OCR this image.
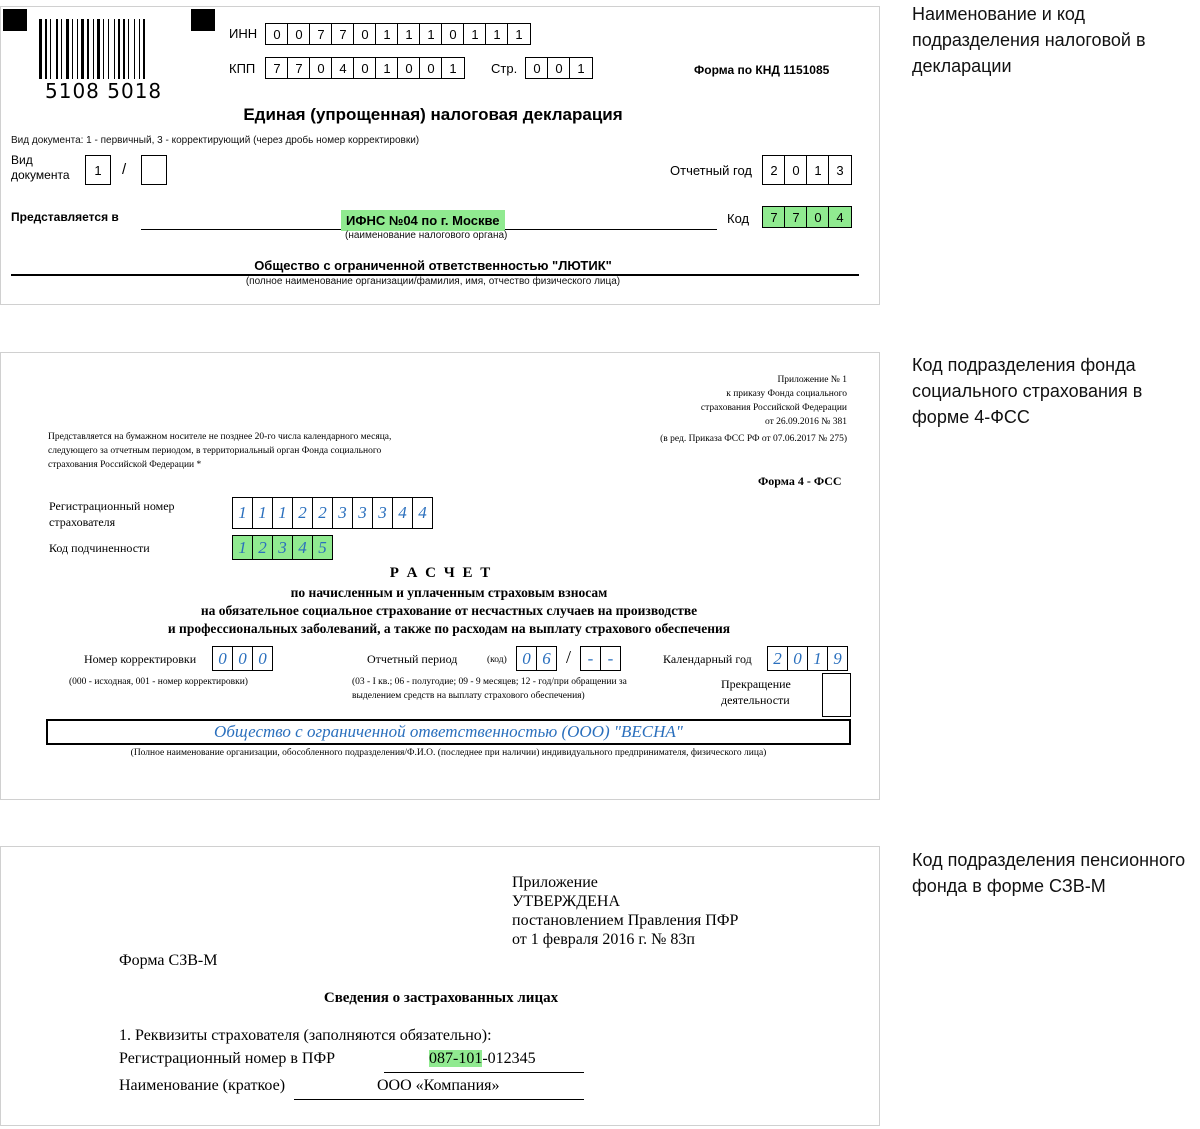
5108 5018
ИНН	0	0	7	7	0	1	1	1	0	1	1	1
КПП	7	7	0	4	0	1	0	0	1	Стр.	0	0	1	Форма по КНД 1151085
Единая (упрощенная) налоговая декларация
Вид документа: 1 - первичный, 3 - корректирующий (через дробь номер корректировки)
Вид документа	1	/	Отчетный год	2	0	1	3
Представляется в	ИФНС №04 по г. Москве
(наименование налогового органа)
Код	7	7	0	4
Общество с ограниченной ответственностью "ЛЮТИК"
(полное наименование организации/фамилия, имя, отчество физического лица)
Наименование и код подразделения налоговой в декларации
Приложение № 1
к приказу Фонда социального
страхования Российской Федерации
от 26.09.2016 № 381
(в ред. Приказа ФСС РФ от 07.06.2017 № 275)
Представляется на бумажном носителе не позднее 20-го числа календарного месяца,
следующего за отчетным периодом, в территориальный орган Фонда социального
страхования Российской Федерации *
Форма 4 - ФСС
Регистрационный номер
страхователя	1 1 1 2 2 3 3 3 4 4
Код подчиненности	1 2 3 4 5
Р А С Ч Е Т
по начисленным и уплаченным страховым взносам
на обязательное социальное страхование от несчастных случаев на производстве
и профессиональных заболеваний, а также по расходам на выплату страхового обеспечения
Номер корректировки	0 0 0
(000 - исходная, 001 - номер корректировки)
Отчетный период	(код) 0 6 / - -
(03 - I кв.; 06 - полугодие; 09 - 9 месяцев; 12 - год/при обращении за
выделением средств на выплату страхового обеспечения)
Календарный год	2 0 1 9
Прекращение
деятельности
Общество с ограниченной ответственностью (ООО) "ВЕСНА"
(Полное наименование организации, обособленного подразделения/Ф.И.О. (последнее при наличии) индивидуального предпринимателя, физического лица)
Код подразделения фонда социального страхования в форме 4-ФСС
Приложение
УТВЕРЖДЕНА
постановлением Правления ПФР
от 1 февраля 2016 г. № 83п
Форма СЗВ-М
Сведения о застрахованных лицах
1. Реквизиты страхователя (заполняются обязательно):
Регистрационный номер в ПФР	087-101-012345
Наименование (краткое)	ООО «Компания»
Код подразделения пенсионного фонда в форме СЗВ-М
